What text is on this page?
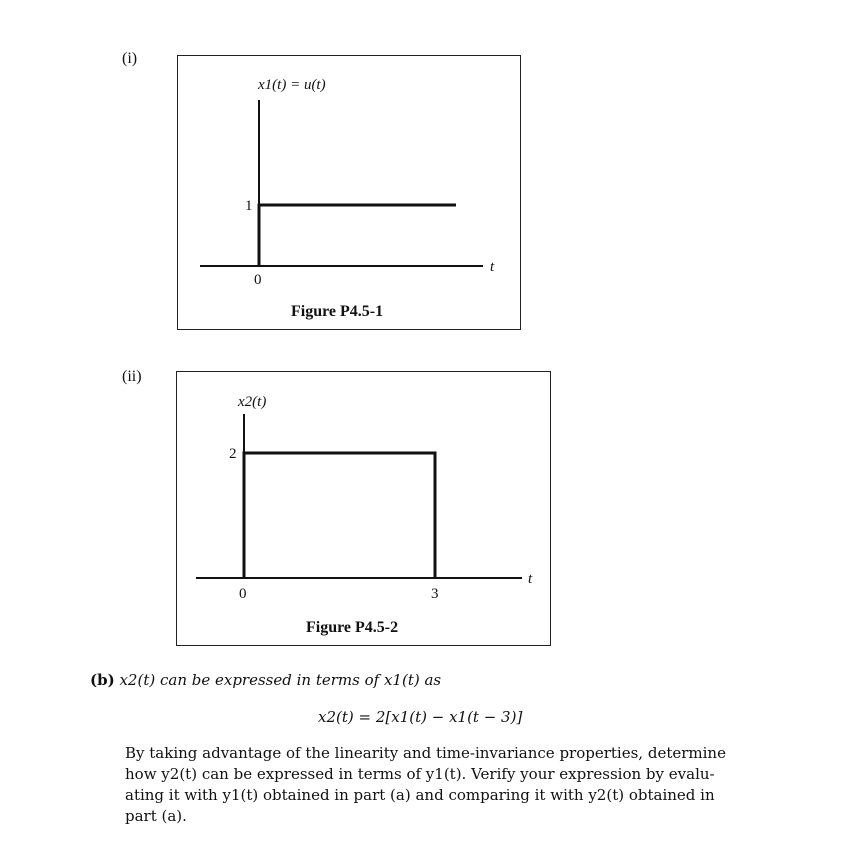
(i)
x1(t) = u(t)
1
0
t
x2(t)
2
0	3
t
Figure P4.5-1
(ii)
Figure P4.5-2
(b) x2(t) can be expressed in terms of x1(t) as
x2(t) = 2[x1(t) − x1(t − 3)]
By taking advantage of the linearity and time-invariance properties, determine
how y2(t) can be expressed in terms of y1(t). Verify your expression by evalu-
ating it with y1(t) obtained in part (a) and comparing it with y2(t) obtained in
part (a).
